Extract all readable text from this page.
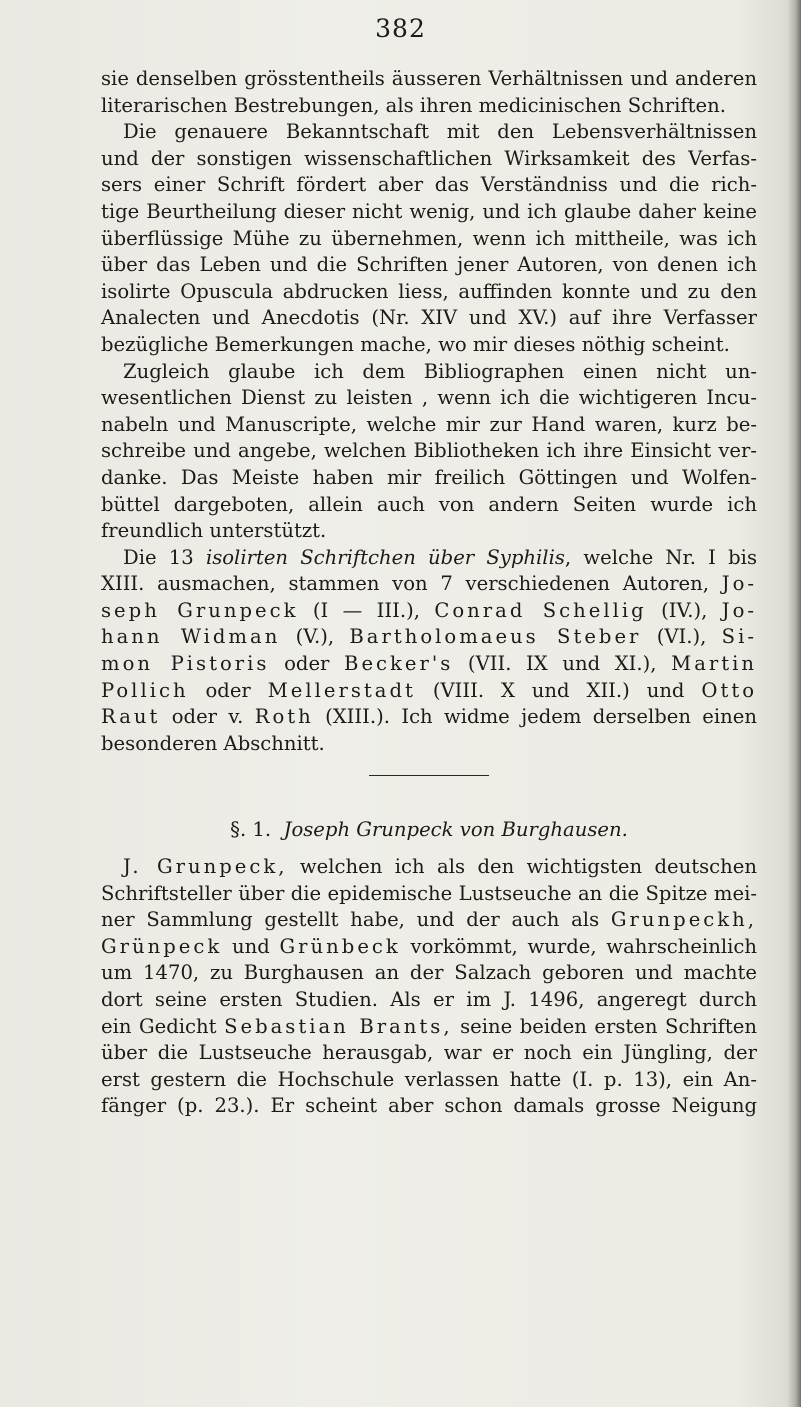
382
sie denselben grösstentheils äusseren Verhältnissen und anderen
literarischen Bestrebungen, als ihren medicinischen Schriften.
Die genauere Bekanntschaft mit den Lebensverhältnissen
und der sonstigen wissenschaftlichen Wirksamkeit des Verfas-
sers einer Schrift fördert aber das Verständniss und die rich-
tige Beurtheilung dieser nicht wenig, und ich glaube daher keine
überflüssige Mühe zu übernehmen, wenn ich mittheile, was ich
über das Leben und die Schriften jener Autoren, von denen ich
isolirte Opuscula abdrucken liess, auffinden konnte und zu den
Analecten und Anecdotis (Nr. XIV und XV.) auf ihre Verfasser
bezügliche Bemerkungen mache, wo mir dieses nöthig scheint.
Zugleich glaube ich dem Bibliographen einen nicht un-
wesentlichen Dienst zu leisten , wenn ich die wichtigeren Incu-
nabeln und Manuscripte, welche mir zur Hand waren, kurz be-
schreibe und angebe, welchen Bibliotheken ich ihre Einsicht ver-
danke. Das Meiste haben mir freilich Göttingen und Wolfen-
büttel dargeboten, allein auch von andern Seiten wurde ich
freundlich unterstützt.
Die 13 isolirten Schriftchen über Syphilis, welche Nr. I bis
XIII. ausmachen, stammen von 7 verschiedenen Autoren, Jo-
seph Grunpeck (I — III.), Conrad Schellig (IV.), Jo-
hann Widman (V.), Bartholomaeus Steber (VI.), Si-
mon Pistoris oder Becker's (VII. IX und XI.), Martin
Pollich oder Mellerstadt (VIII. X und XII.) und Otto
Raut oder v. Roth (XIII.). Ich widme jedem derselben einen
besonderen Abschnitt.
§. 1. Joseph Grunpeck von Burghausen.
J. Grunpeck, welchen ich als den wichtigsten deutschen
Schriftsteller über die epidemische Lustseuche an die Spitze mei-
ner Sammlung gestellt habe, und der auch als Grunpeckh,
Grünpeck und Grünbeck vorkömmt, wurde, wahrscheinlich
um 1470, zu Burghausen an der Salzach geboren und machte
dort seine ersten Studien. Als er im J. 1496, angeregt durch
ein Gedicht Sebastian Brants, seine beiden ersten Schriften
über die Lustseuche herausgab, war er noch ein Jüngling, der
erst gestern die Hochschule verlassen hatte (I. p. 13), ein An-
fänger (p. 23.). Er scheint aber schon damals grosse Neigung
